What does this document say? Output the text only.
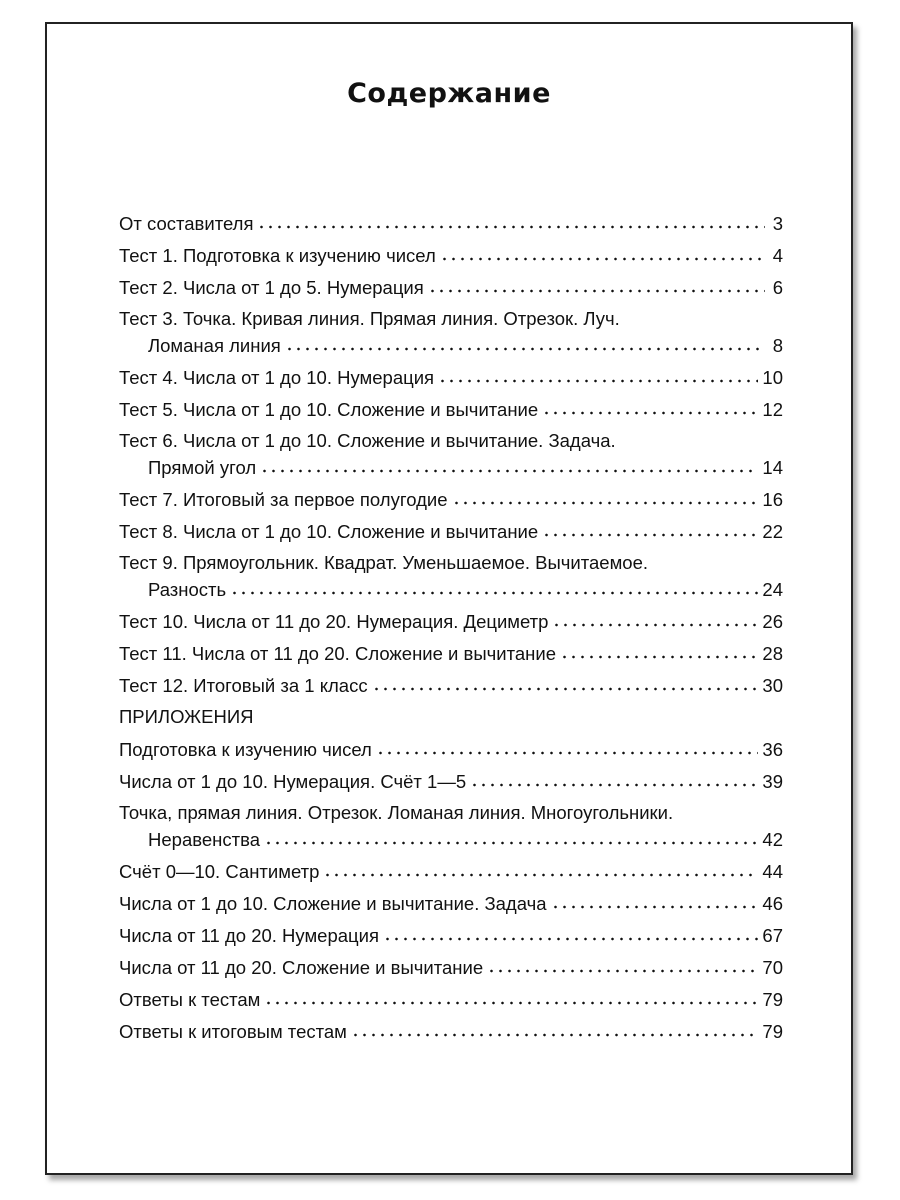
Содержание
От составителя	3
Тест 1. Подготовка к изучению чисел	4
Тест 2. Числа от 1 до 5. Нумерация	6
Тест 3. Точка. Кривая линия. Прямая линия. Отрезок. Луч.
Ломаная линия	8
Тест 4. Числа от 1 до 10. Нумерация	10
Тест 5. Числа от 1 до 10. Сложение и вычитание	12
Тест 6. Числа от 1 до 10. Сложение и вычитание. Задача.
Прямой угол	14
Тест 7. Итоговый за первое полугодие	16
Тест 8. Числа от 1 до 10. Сложение и вычитание	22
Тест 9. Прямоугольник. Квадрат. Уменьшаемое. Вычитаемое.
Разность	24
Тест 10. Числа от 11 до 20. Нумерация. Дециметр	26
Тест 11. Числа от 11 до 20. Сложение и вычитание	28
Тест 12. Итоговый за 1 класс	30
ПРИЛОЖЕНИЯ
Подготовка к изучению чисел	36
Числа от 1 до 10. Нумерация. Счёт 1—5	39
Точка, прямая линия. Отрезок. Ломаная линия. Многоугольники.
Неравенства	42
Счёт 0—10. Сантиметр	44
Числа от 1 до 10. Сложение и вычитание. Задача	46
Числа от 11 до 20. Нумерация	67
Числа от 11 до 20. Сложение и вычитание	70
Ответы к тестам	79
Ответы к итоговым тестам	79
